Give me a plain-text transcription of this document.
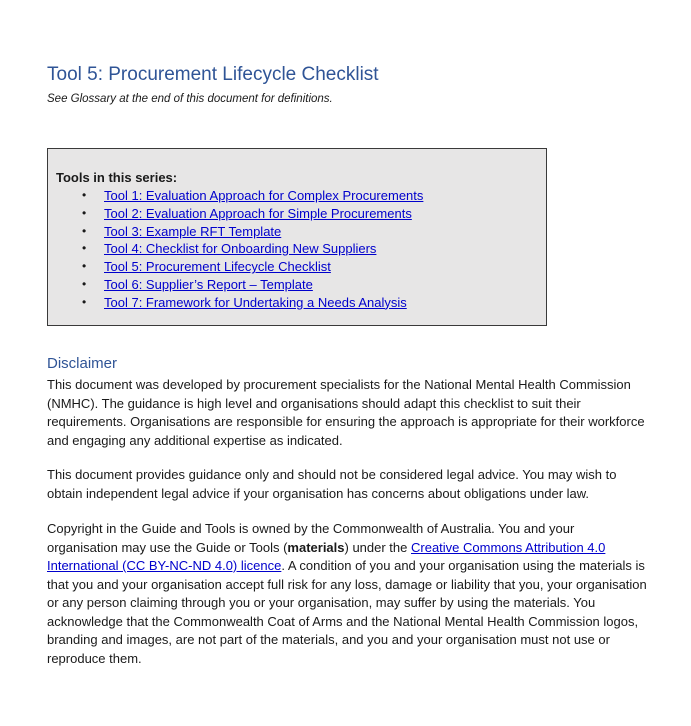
Tool 5: Procurement Lifecycle Checklist

See Glossary at the end of this document for definitions.

Tools in this series:

• Tool 1: Evaluation Approach for Complex Procurements
• Tool 2: Evaluation Approach for Simple Procurements
• Tool 3: Example RFT Template
• Tool 4: Checklist for Onboarding New Suppliers
• Tool 5: Procurement Lifecycle Checklist
• Tool 6: Supplier’s Report – Template
• Tool 7: Framework for Undertaking a Needs Analysis
Disclaimer

This document was developed by procurement specialists for the National Mental Health Commission (NMHC). The guidance is high level and organisations should adapt this checklist to suit their requirements. Organisations are responsible for ensuring the approach is appropriate for their workforce and engaging any additional expertise as indicated.

This document provides guidance only and should not be considered legal advice. You may wish to obtain independent legal advice if your organisation has concerns about obligations under law.

Copyright in the Guide and Tools is owned by the Commonwealth of Australia. You and your organisation may use the Guide or Tools (materials) under the Creative Commons Attribution 4.0 International (CC BY-NC-ND 4.0) licence. A condition of you and your organisation using the materials is that you and your organisation accept full risk for any loss, damage or liability that you, your organisation or any person claiming through you or your organisation, may suffer by using the materials. You acknowledge that the Commonwealth Coat of Arms and the National Mental Health Commission logos, branding and images, are not part of the materials, and you and your organisation must not use or reproduce them.
